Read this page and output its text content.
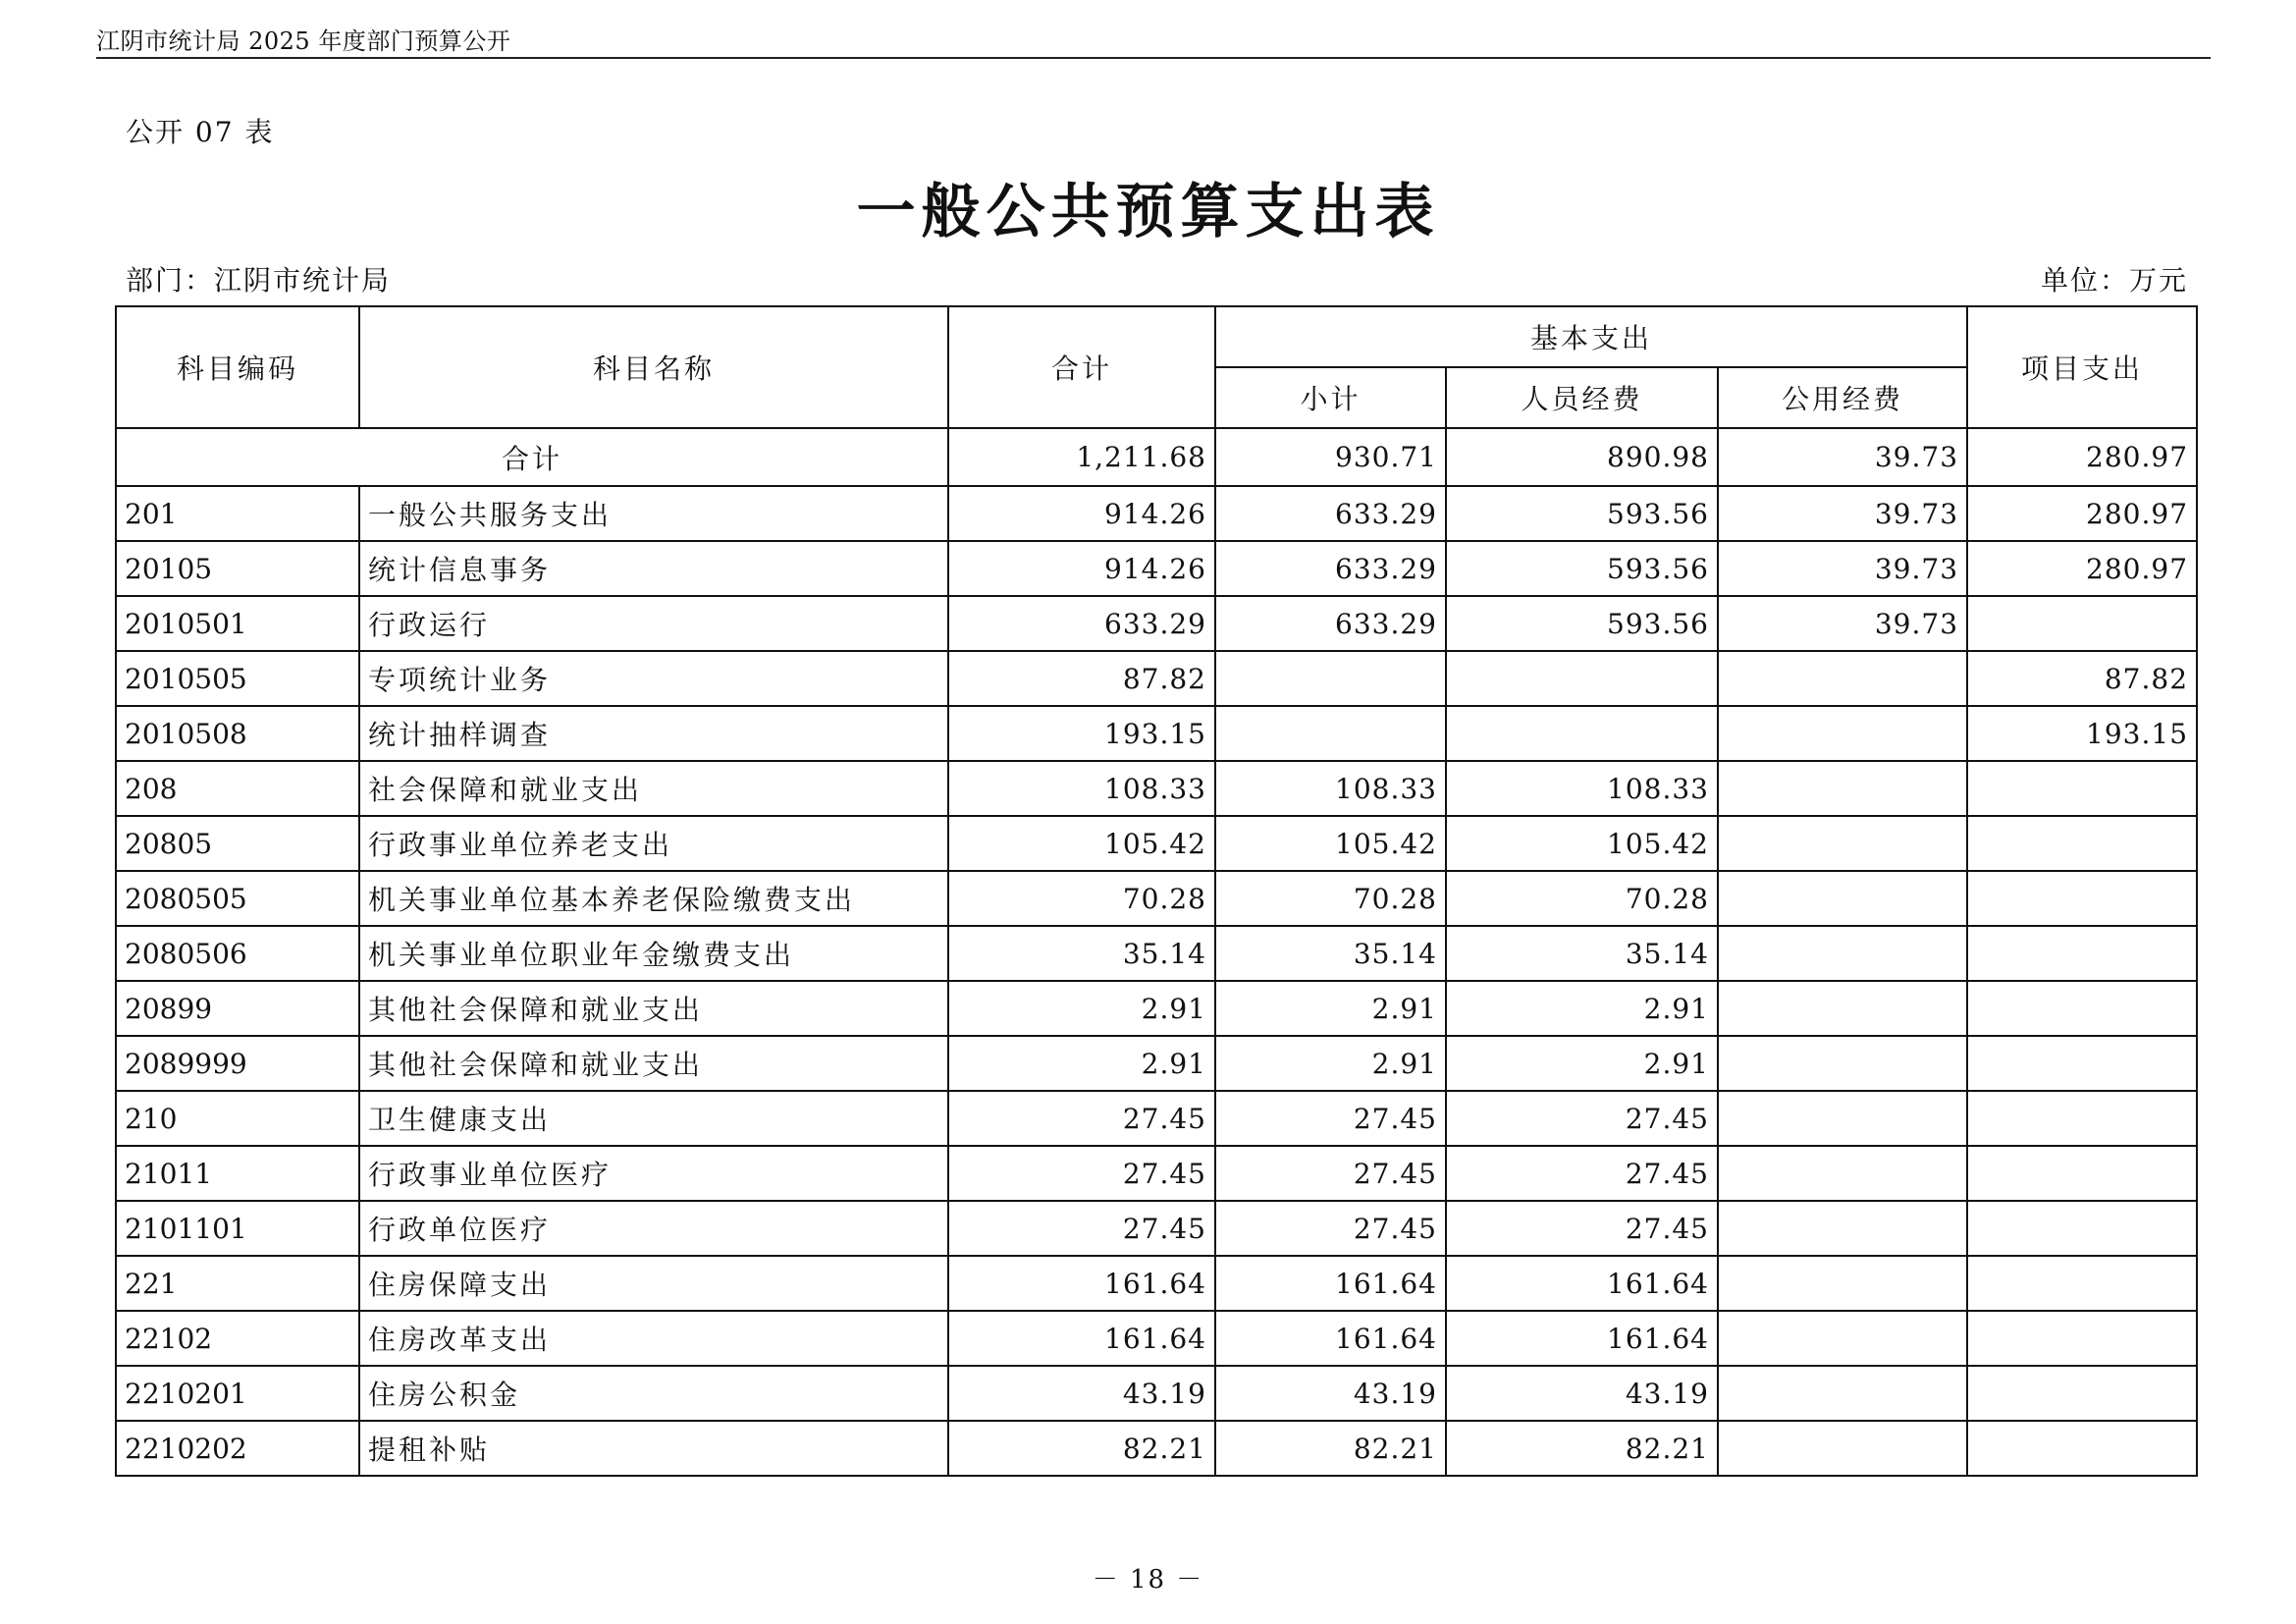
江阴市统计局 2025 年度部门预算公开
公开 07 表
一般公共预算支出表
部门：江阴市统计局	单位：万元
科目编码	科目名称	合计	基本支出			项目支出
			小计	人员经费	公用经费	
合计		1,211.68	930.71	890.98	39.73	280.97
201	一般公共服务支出	914.26	633.29	593.56	39.73	280.97
20105	统计信息事务	914.26	633.29	593.56	39.73	280.97
2010501	行政运行	633.29	633.29	593.56	39.73	
2010505	专项统计业务	87.82				87.82
2010508	统计抽样调查	193.15				193.15
208	社会保障和就业支出	108.33	108.33	108.33		
20805	行政事业单位养老支出	105.42	105.42	105.42		
2080505	机关事业单位基本养老保险缴费支出	70.28	70.28	70.28		
2080506	机关事业单位职业年金缴费支出	35.14	35.14	35.14		
20899	其他社会保障和就业支出	2.91	2.91	2.91		
2089999	其他社会保障和就业支出	2.91	2.91	2.91		
210	卫生健康支出	27.45	27.45	27.45		
21011	行政事业单位医疗	27.45	27.45	27.45		
2101101	行政单位医疗	27.45	27.45	27.45		
221	住房保障支出	161.64	161.64	161.64		
22102	住房改革支出	161.64	161.64	161.64		
2210201	住房公积金	43.19	43.19	43.19		
2210202	提租补贴	82.21	82.21	82.21		
－ 18 －
